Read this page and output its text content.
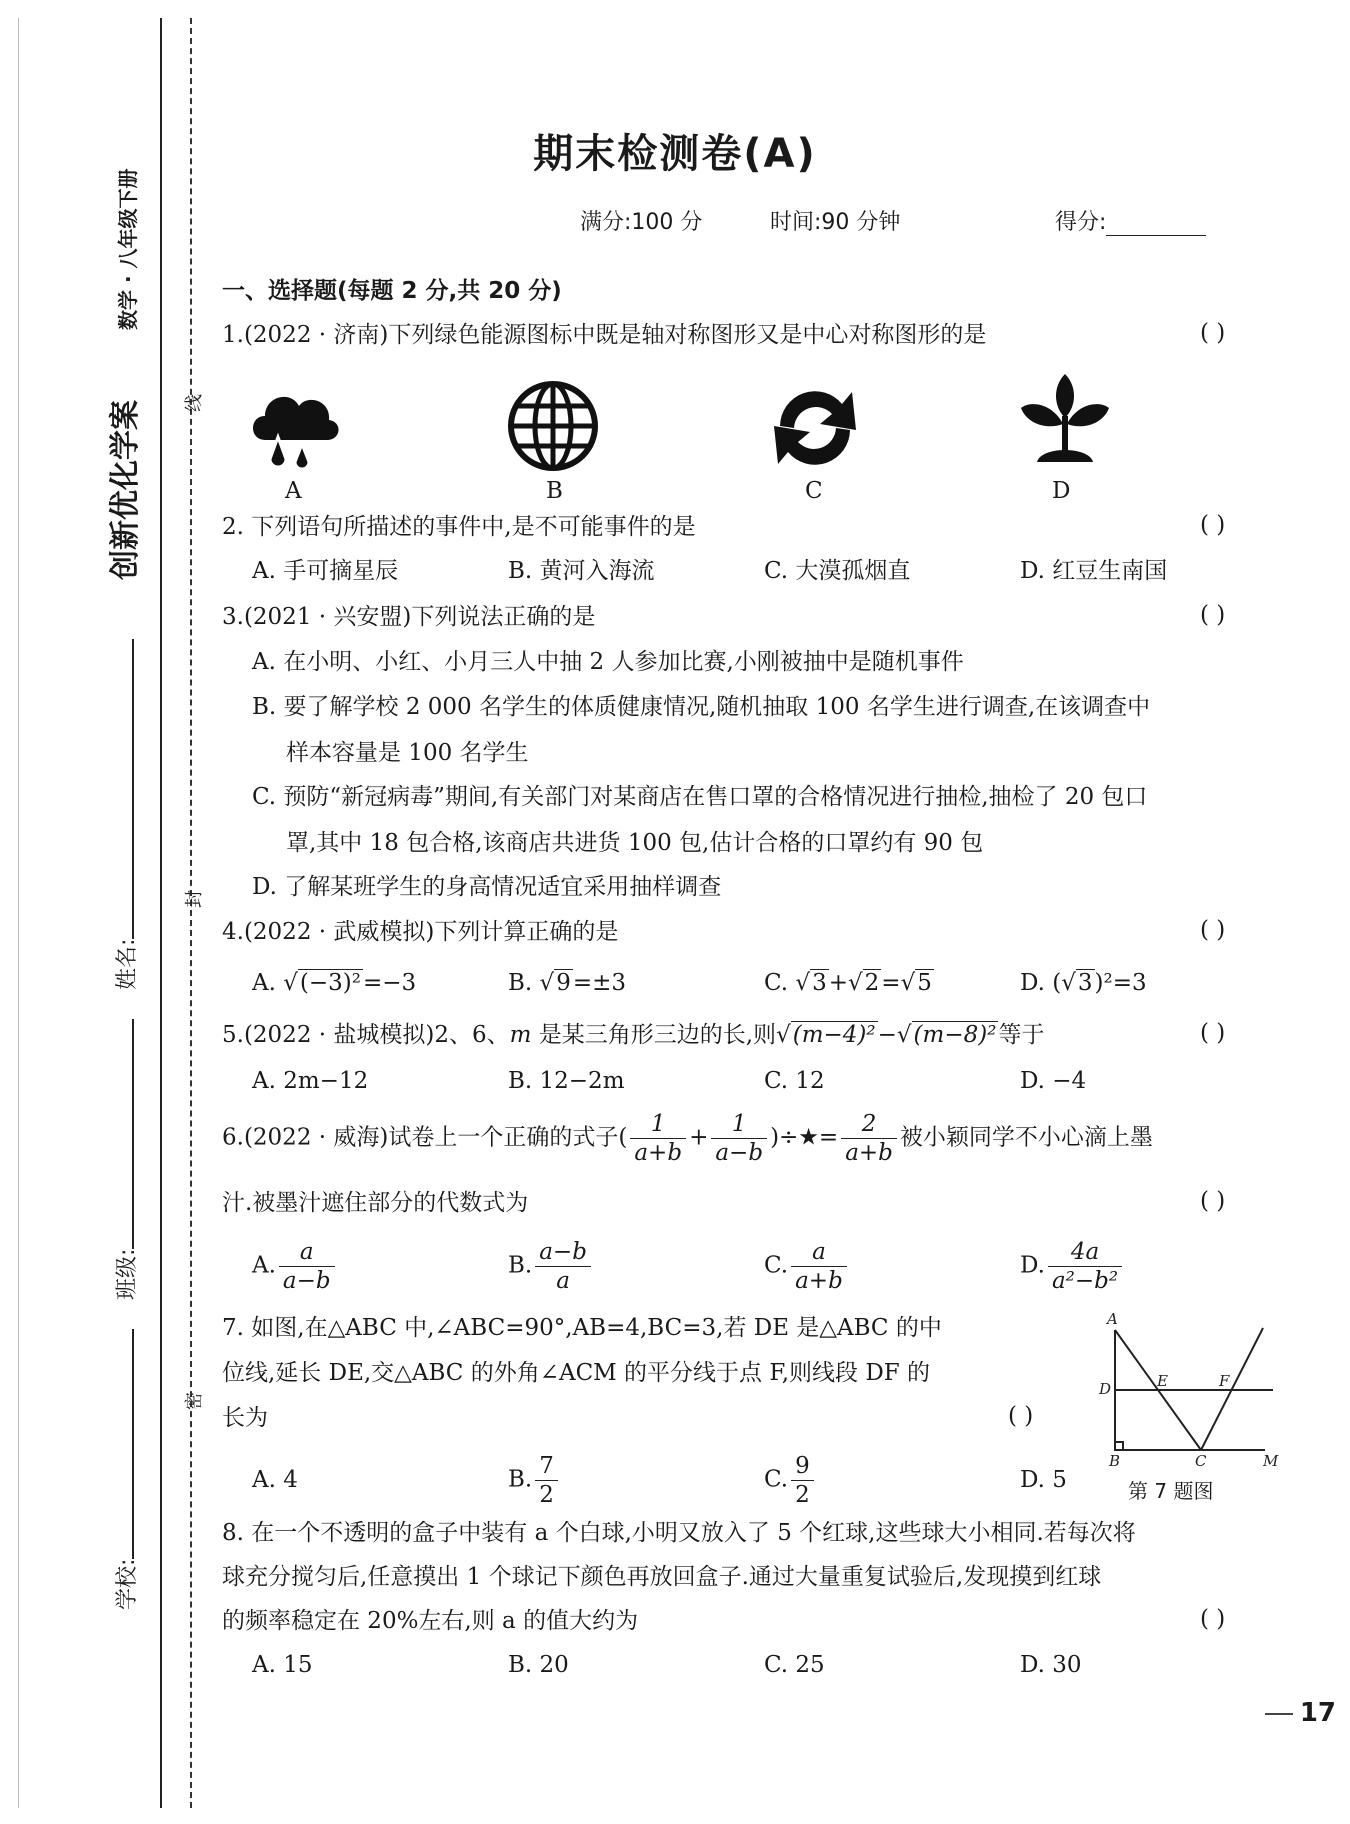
创新优化学案
数学 · 八年级下册
线
封
密
姓名:
班级:
学校:
期末检测卷(A)
满分:100 分	时间:90 分钟	得分:
一、选择题(每题 2 分,共 20 分)
1.(2022 · 济南)下列绿色能源图标中既是轴对称图形又是中心对称图形的是	( )
A	B	C	D
2. 下列语句所描述的事件中,是不可能事件的是	( )
A. 手可摘星辰	B. 黄河入海流	C. 大漠孤烟直	D. 红豆生南国
3.(2021 · 兴安盟)下列说法正确的是	( )
A. 在小明、小红、小月三人中抽 2 人参加比赛,小刚被抽中是随机事件
B. 要了解学校 2 000 名学生的体质健康情况,随机抽取 100 名学生进行调查,在该调查中
样本容量是 100 名学生
C. 预防“新冠病毒”期间,有关部门对某商店在售口罩的合格情况进行抽检,抽检了 20 包口
罩,其中 18 包合格,该商店共进货 100 包,估计合格的口罩约有 90 包
D. 了解某班学生的身高情况适宜采用抽样调查
4.(2022 · 武威模拟)下列计算正确的是	( )
A. √(−3)²=−3	B. √9=±3	C. √3+√2=√5	D. (√3)²=3
5.(2022 · 盐城模拟)2、6、m 是某三角形三边的长,则√(m−4)²−√(m−8)²等于	( )
A. 2m−12	B. 12−2m	C. 12	D. −4
6.(2022 · 威海)试卷上一个正确的式子( $\frac{1}{a+b} + \frac{1}{a-b}$ )÷★= $\frac{2}{a+b}$ 被小颖同学不小心滴上墨
汁.被墨汁遮住部分的代数式为	( )
A. $\frac{a}{a-b}$	B. $\frac{a-b}{a}$	C. $\frac{a}{a+b}$	D. $\frac{4a}{\text{a²−b²}}$
7. 如图,在△ABC 中,∠ABC=90°,AB=4,BC=3,若 DE 是△ABC 的中
位线,延长 DE,交△ABC 的外角∠ACM 的平分线于点 F,则线段 DF 的
长为	( )
A. 4	B. $\frac{7}{2}$	C. $\frac{9}{2}$	D. 5
A
B	C
D	E	F
M
第 7 题图
8. 在一个不透明的盒子中装有 a 个白球,小明又放入了 5 个红球,这些球大小相同.若每次将
球充分搅匀后,任意摸出 1 个球记下颜色再放回盒子.通过大量重复试验后,发现摸到红球
的频率稳定在 20%左右,则 a 的值大约为	( )
A. 15	B. 20	C. 25	D. 30
17
